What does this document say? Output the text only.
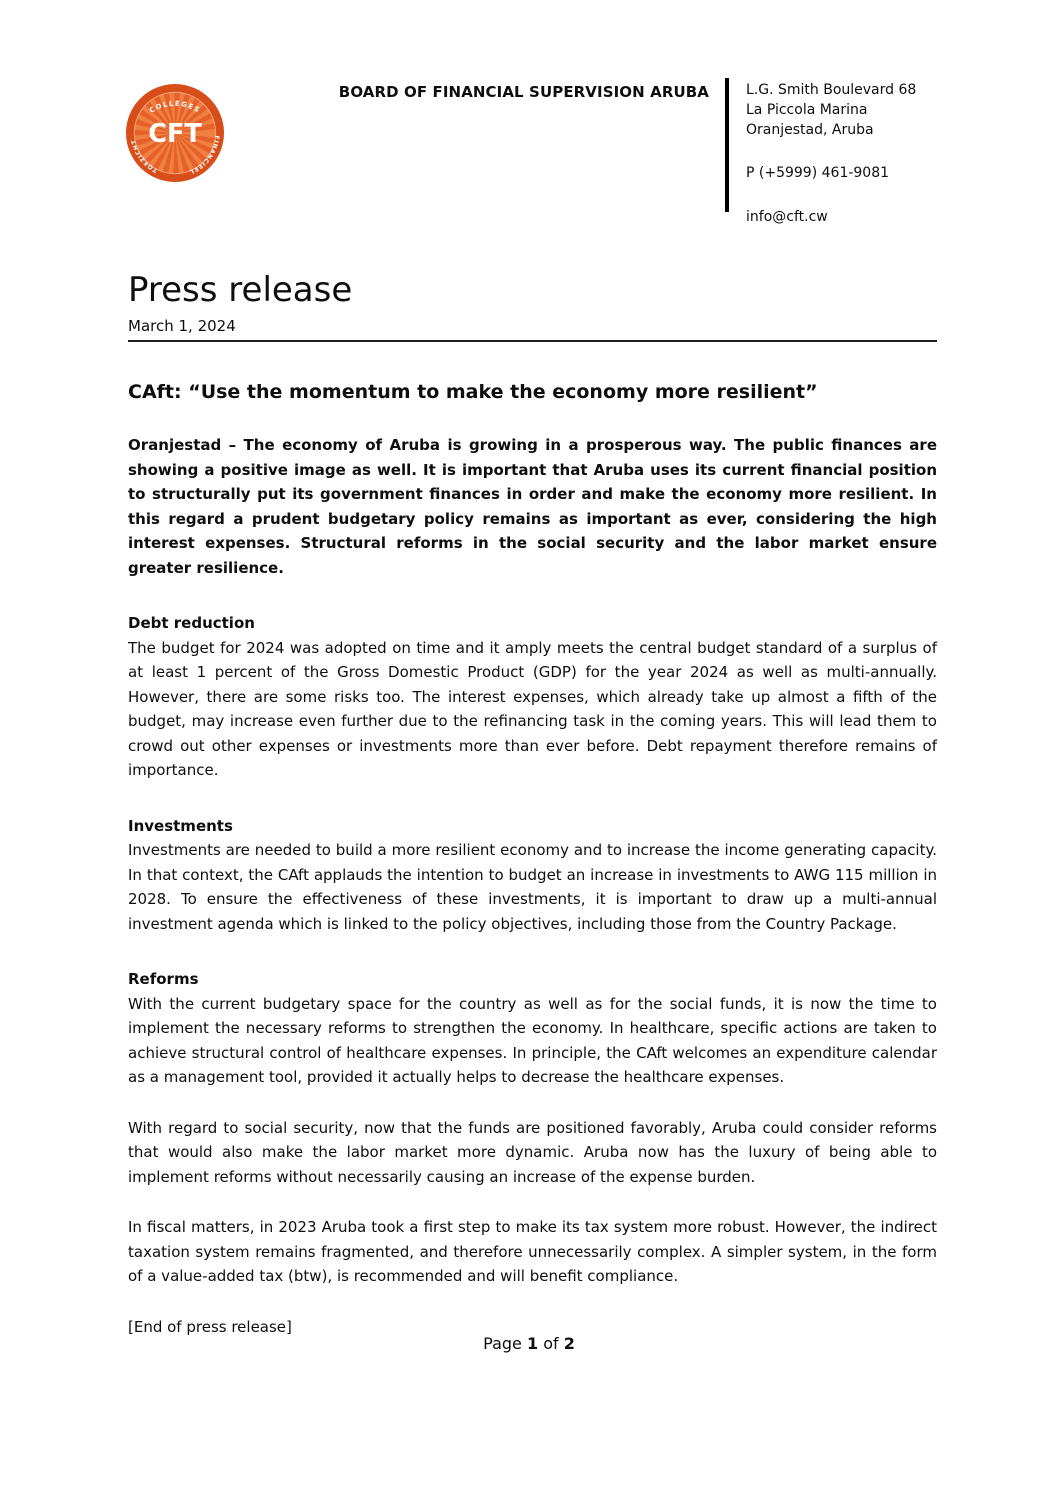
COLLEGES
FINANCIEEL
TOEZICHT CFT
BOARD OF FINANCIAL SUPERVISION ARUBA	L.G. Smith Boulevard 68
La Piccola Marina
Oranjestad, Aruba
P (+5999) 461-9081
info@cft.cw
Press release
March 1, 2024
CAft: “Use the momentum to make the economy more resilient”

Oranjestad – The economy of Aruba is growing in a prosperous way. The public finances are showing a positive image as well. It is important that Aruba uses its current financial position to structurally put its government finances in order and make the economy more resilient. In this regard a prudent budgetary policy remains as important as ever, considering the high interest expenses. Structural reforms in the social security and the labor market ensure greater resilience.

Debt reduction

The budget for 2024 was adopted on time and it amply meets the central budget standard of a surplus of at least 1 percent of the Gross Domestic Product (GDP) for the year 2024 as well as multi-annually. However, there are some risks too. The interest expenses, which already take up almost a fifth of the budget, may increase even further due to the refinancing task in the coming years. This will lead them to crowd out other expenses or investments more than ever before. Debt repayment therefore remains of importance.

Investments

Investments are needed to build a more resilient economy and to increase the income generating capacity. In that context, the CAft applauds the intention to budget an increase in investments to AWG 115 million in 2028. To ensure the effectiveness of these investments, it is important to draw up a multi-annual investment agenda which is linked to the policy objectives, including those from the Country Package.

Reforms

With the current budgetary space for the country as well as for the social funds, it is now the time to implement the necessary reforms to strengthen the economy. In healthcare, specific actions are taken to achieve structural control of healthcare expenses. In principle, the CAft welcomes an expenditure calendar as a management tool, provided it actually helps to decrease the healthcare expenses.

With regard to social security, now that the funds are positioned favorably, Aruba could consider reforms that would also make the labor market more dynamic. Aruba now has the luxury of being able to implement reforms without necessarily causing an increase of the expense burden.

In fiscal matters, in 2023 Aruba took a first step to make its tax system more robust. However, the indirect taxation system remains fragmented, and therefore unnecessarily complex. A simpler system, in the form of a value-added tax (btw), is recommended and will benefit compliance.

[End of press release]
Page 1 of 2
